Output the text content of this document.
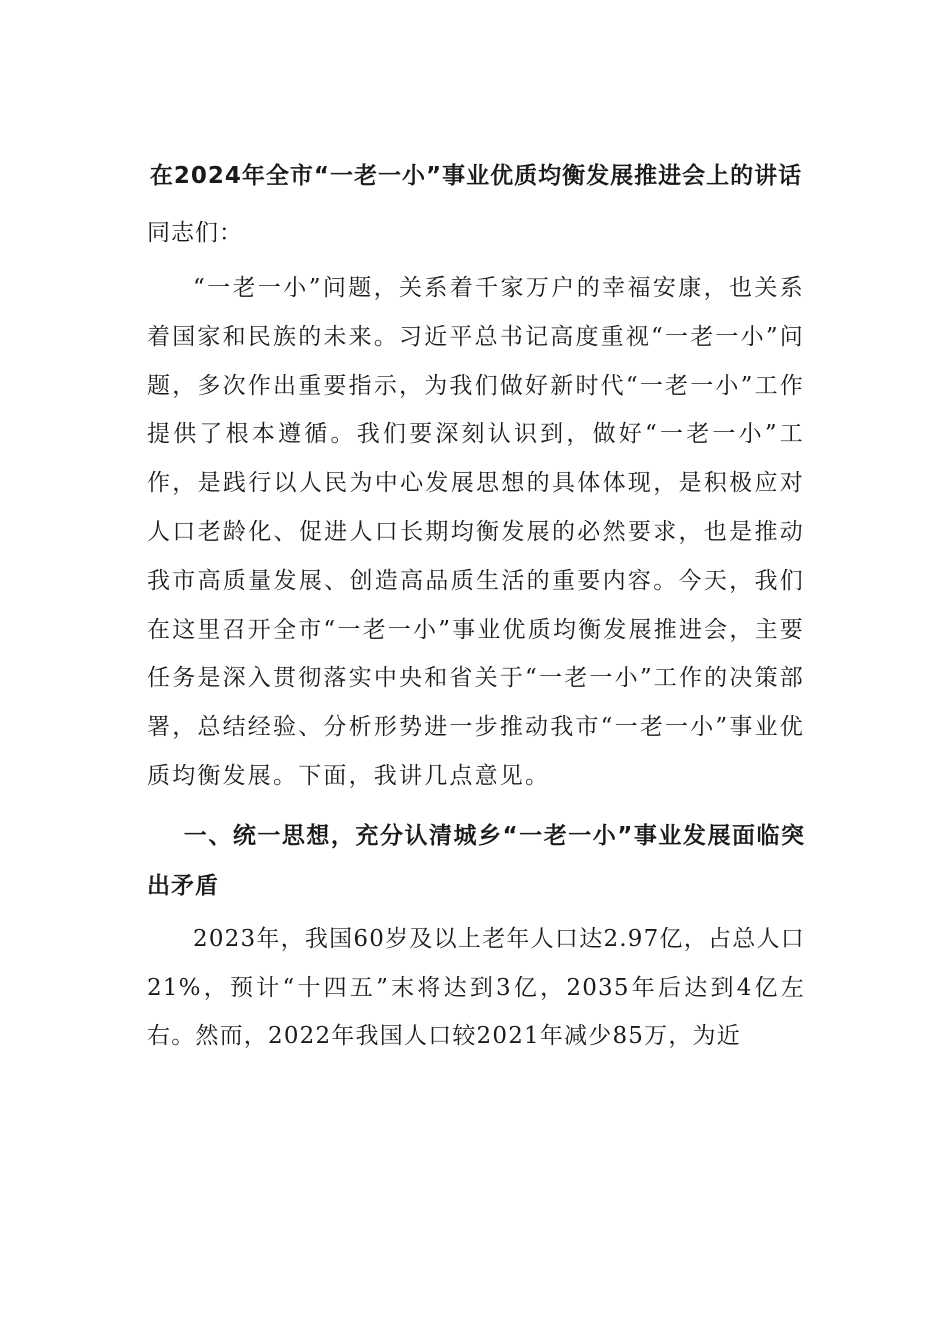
在2024年全市“一老一小”事业优质均衡发展推进会上的讲话

同志们：

“一老一小”问题，关系着千家万户的幸福安康，也关系着国家和民族的未来。习近平总书记高度重视“一老一小”问题，多次作出重要指示，为我们做好新时代“一老一小”工作提供了根本遵循。我们要深刻认识到，做好“一老一小”工作，是践行以人民为中心发展思想的具体体现，是积极应对人口老龄化、促进人口长期均衡发展的必然要求，也是推动我市高质量发展、创造高品质生活的重要内容。今天，我们在这里召开全市“一老一小”事业优质均衡发展推进会，主要任务是深入贯彻落实中央和省关于“一老一小”工作的决策部署，总结经验、分析形势进一步推动我市“一老一小”事业优质均衡发展。下面，我讲几点意见。

一、统一思想，充分认清城乡“一老一小”事业发展面临突出矛盾

2023年，我国60岁及以上老年人口达2.97亿，占总人口21%，预计“十四五”末将达到3亿，2035年后达到4亿左右。然而，2022年我国人口较2021年减少85万，为近
